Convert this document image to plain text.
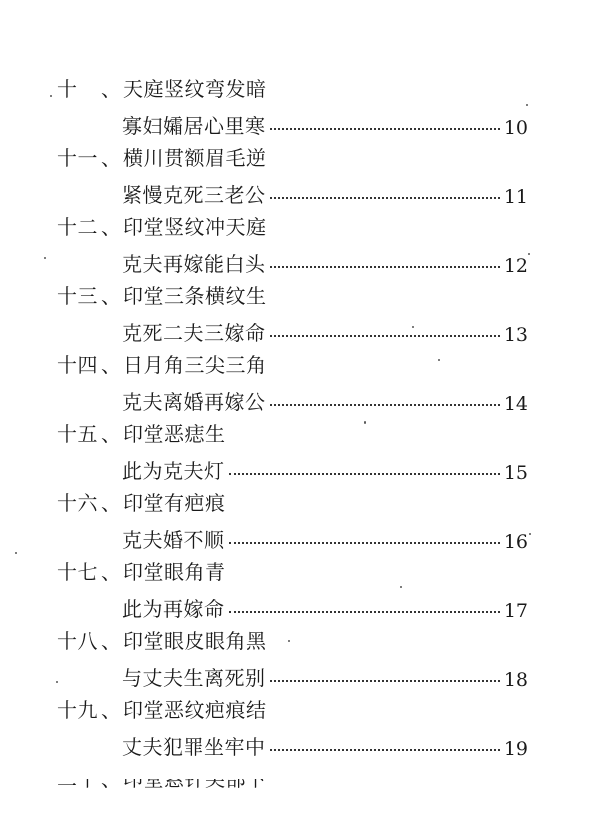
十	、 天庭竖纹弯发暗
寡妇孀居心里寒	10
十一 、 横川贯额眉毛逆
紧慢克死三老公	11
十二 、 印堂竖纹冲天庭
克夫再嫁能白头	12
十三 、 印堂三条横纹生
克死二夫三嫁命	13
十四 、 日月角三尖三角
克夫离婚再嫁公	14
十五 、 印堂恶痣生
此为克夫灯	15
十六 、 印堂有疤痕
克夫婚不顺	16
十七 、 印堂眼角青
此为再嫁命	17
十八 、 印堂眼皮眼角黑
与丈夫生离死别	18
十九 、 印堂恶纹疤痕结
丈夫犯罪坐牢中	19
